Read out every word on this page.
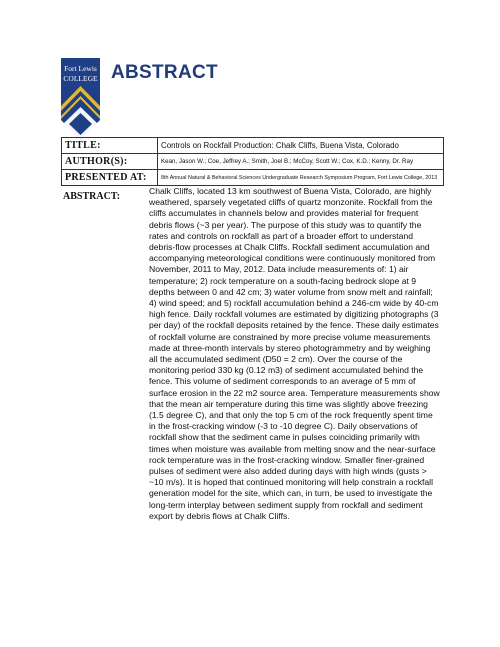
Fort Lewis
COLLEGE ABSTRACT
TITLE:	Controls on Rockfall Production: Chalk Cliffs, Buena Vista, Colorado
AUTHOR(S):	Kean, Jason W.; Coe, Jeffrey A.; Smith, Joel B.; McCoy, Scott W.; Cox, K.D.; Kenny, Dr. Ray
PRESENTED AT:	8th Annual Natural & Behavioral Sciences Undergraduate Research Symposium Program, Fort Lewis College, 2013
ABSTRACT:	Chalk Cliffs, located 13 km southwest of Buena Vista, Colorado, are highly weathered, sparsely vegetated cliffs of quartz monzonite. Rockfall from the cliffs accumulates in channels below and provides material for frequent debris flows (~3 per year). The purpose of this study was to quantify the rates and controls on rockfall as part of a broader effort to understand debris-flow processes at Chalk Cliffs. Rockfall sediment accumulation and accompanying meteorological conditions were continuously monitored from November, 2011 to May, 2012. Data include measurements of: 1) air temperature; 2) rock temperature on a south-facing bedrock slope at 9 depths between 0 and 42 cm; 3) water volume from snow melt and rainfall; 4) wind speed; and 5) rockfall accumulation behind a 246-cm wide by 40-cm high fence. Daily rockfall volumes are estimated by digitizing photographs (3 per day) of the rockfall deposits retained by the fence. These daily estimates of rockfall volume are constrained by more precise volume measurements made at three-month intervals by stereo photogrammetry and by weighing all the accumulated sediment (D50 = 2 cm). Over the course of the monitoring period 330 kg (0.12 m3) of sediment accumulated behind the fence. This volume of sediment corresponds to an average of 5 mm of surface erosion in the 22 m2 source area. Temperature measurements show that the mean air temperature during this time was slightly above freezing (1.5 degree C), and that only the top 5 cm of the rock frequently spent time in the frost-cracking window (-3 to -10 degree C). Daily observations of rockfall show that the sediment came in pulses coinciding primarily with times when moisture was available from melting snow and the near-surface rock temperature was in the frost-cracking window. Smaller finer-grained pulses of sediment were also added during days with high winds (gusts > ~10 m/s). It is hoped that continued monitoring will help constrain a rockfall generation model for the site, which can, in turn, be used to investigate the long-term interplay between sediment supply from rockfall and sediment export by debris flows at Chalk Cliffs.
